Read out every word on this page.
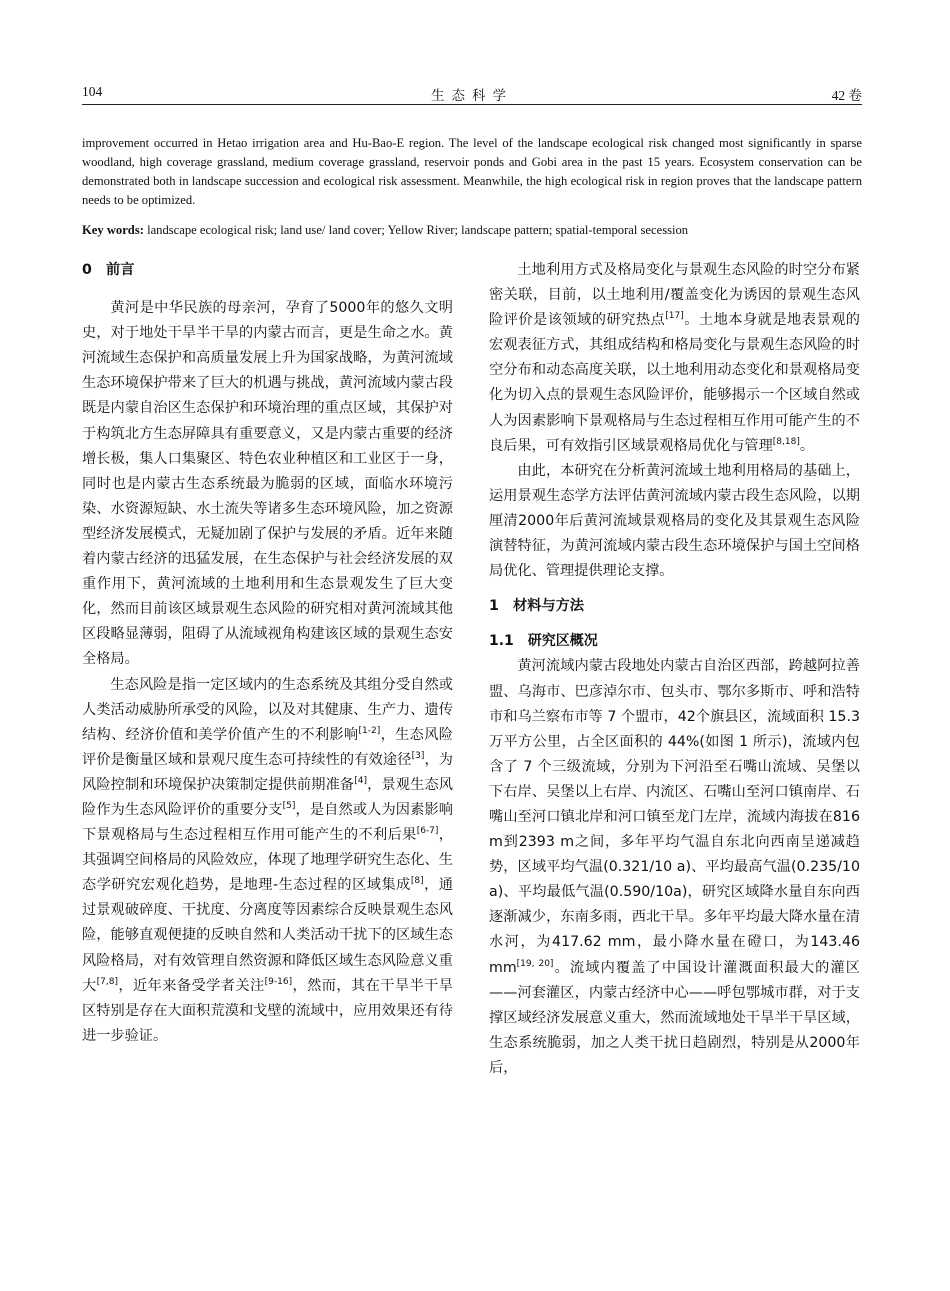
104	生态科学	42 卷
improvement occurred in Hetao irrigation area and Hu-Bao-E region. The level of the landscape ecological risk changed most significantly in sparse woodland, high coverage grassland, medium coverage grassland, reservoir ponds and Gobi area in the past 15 years. Ecosystem conservation can be demonstrated both in landscape succession and ecological risk assessment. Meanwhile, the high ecological risk in region proves that the landscape pattern needs to be optimized.
Key words: landscape ecological risk; land use/ land cover; Yellow River; landscape pattern; spatial-temporal secession
0　前言

黄河是中华民族的母亲河，孕育了5000年的悠久文明史，对于地处干旱半干旱的内蒙古而言，更是生命之水。黄河流域生态保护和高质量发展上升为国家战略，为黄河流域生态环境保护带来了巨大的机遇与挑战，黄河流域内蒙古段既是内蒙自治区生态保护和环境治理的重点区域，其保护对于构筑北方生态屏障具有重要意义，又是内蒙古重要的经济增长极，集人口集聚区、特色农业种植区和工业区于一身，同时也是内蒙古生态系统最为脆弱的区域，面临水环境污染、水资源短缺、水土流失等诸多生态环境风险，加之资源型经济发展模式，无疑加剧了保护与发展的矛盾。近年来随着内蒙古经济的迅猛发展，在生态保护与社会经济发展的双重作用下，黄河流域的土地利用和生态景观发生了巨大变化，然而目前该区域景观生态风险的研究相对黄河流域其他区段略显薄弱，阻碍了从流域视角构建该区域的景观生态安全格局。

生态风险是指一定区域内的生态系统及其组分受自然或人类活动威胁所承受的风险，以及对其健康、生产力、遗传结构、经济价值和美学价值产生的不利影响[1-2]，生态风险评价是衡量区域和景观尺度生态可持续性的有效途径[3]，为风险控制和环境保护决策制定提供前期准备[4]，景观生态风险作为生态风险评价的重要分支[5]，是自然或人为因素影响下景观格局与生态过程相互作用可能产生的不利后果[6-7]，其强调空间格局的风险效应，体现了地理学研究生态化、生态学研究宏观化趋势，是地理-生态过程的区域集成[8]，通过景观破碎度、干扰度、分离度等因素综合反映景观生态风险，能够直观便捷的反映自然和人类活动干扰下的区域生态风险格局，对有效管理自然资源和降低区域生态风险意义重大[7,8]，近年来备受学者关注[9-16]，然而，其在干旱半干旱区特别是存在大面积荒漠和戈壁的流域中，应用效果还有待进一步验证。

土地利用方式及格局变化与景观生态风险的时空分布紧密关联，目前，以土地利用/覆盖变化为诱因的景观生态风险评价是该领域的研究热点[17]。土地本身就是地表景观的宏观表征方式，其组成结构和格局变化与景观生态风险的时空分布和动态高度关联，以土地利用动态变化和景观格局变化为切入点的景观生态风险评价，能够揭示一个区域自然或人为因素影响下景观格局与生态过程相互作用可能产生的不良后果，可有效指引区域景观格局优化与管理[8,18]。

由此，本研究在分析黄河流域土地利用格局的基础上，运用景观生态学方法评估黄河流域内蒙古段生态风险，以期厘清2000年后黄河流域景观格局的变化及其景观生态风险演替特征，为黄河流域内蒙古段生态环境保护与国土空间格局优化、管理提供理论支撑。

1　材料与方法
1.1　研究区概况

黄河流域内蒙古段地处内蒙古自治区西部，跨越阿拉善盟、乌海市、巴彦淖尔市、包头市、鄂尔多斯市、呼和浩特市和乌兰察布市等 7 个盟市，42个旗县区，流域面积 15.3 万平方公里，占全区面积的 44%(如图 1 所示)，流域内包含了 7 个三级流域，分别为下河沿至石嘴山流域、吴堡以下右岸、吴堡以上右岸、内流区、石嘴山至河口镇南岸、石嘴山至河口镇北岸和河口镇至龙门左岸，流域内海拔在816 m到2393 m之间，多年平均气温自东北向西南呈递减趋势，区域平均气温(0.321/10 a)、平均最高气温(0.235/10 a)、平均最低气温(0.590/10a)，研究区域降水量自东向西逐渐减少，东南多雨，西北干旱。多年平均最大降水量在清水河，为417.62 mm，最小降水量在磴口，为143.46 mm[19, 20]。流域内覆盖了中国设计灌溉面积最大的灌区——河套灌区，内蒙古经济中心——呼包鄂城市群，对于支撑区域经济发展意义重大，然而流域地处干旱半干旱区域，生态系统脆弱，加之人类干扰日趋剧烈，特别是从2000年后，
